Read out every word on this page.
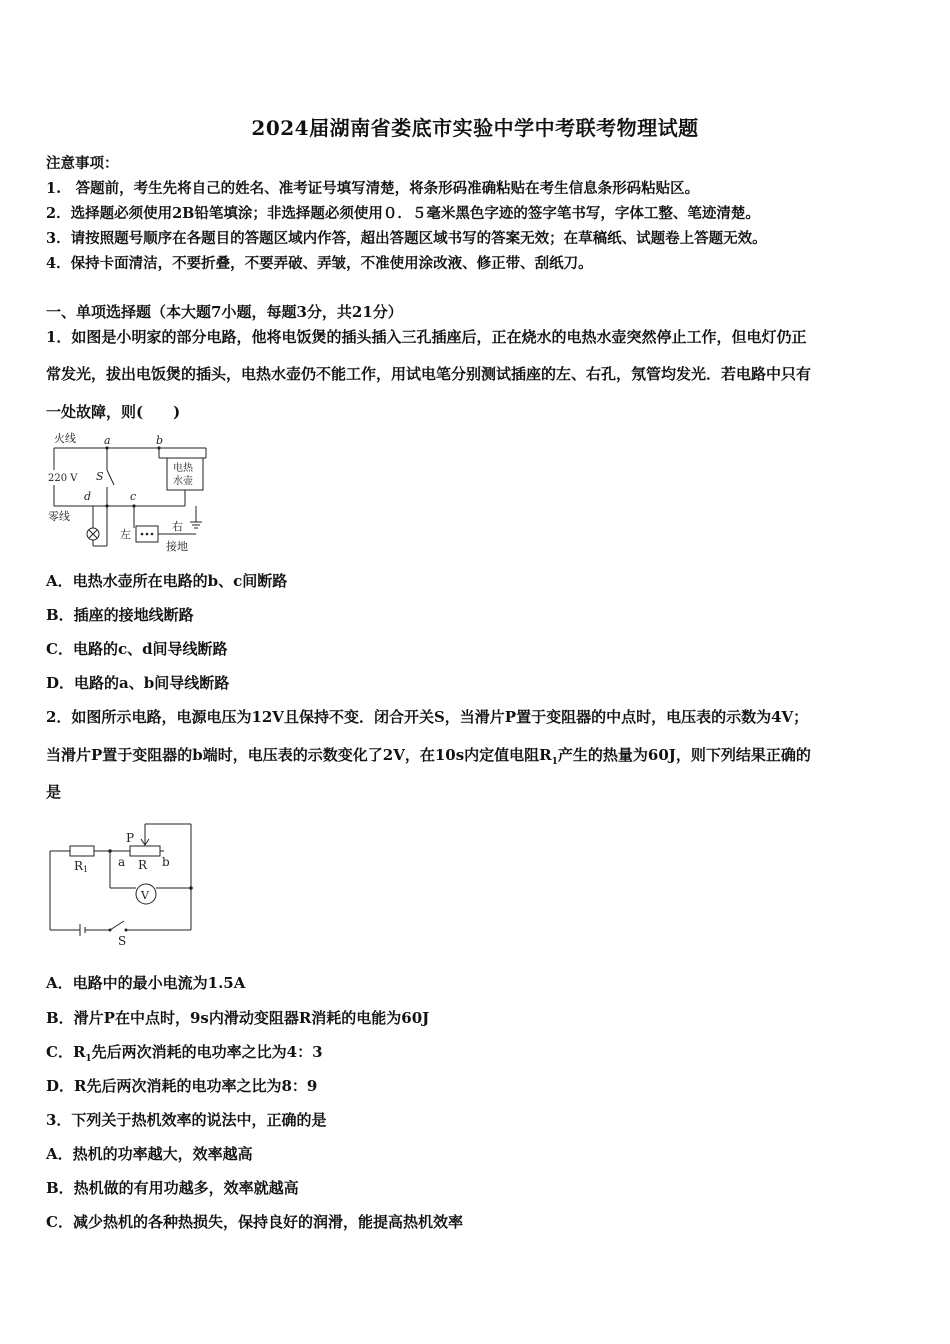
2024届湖南省娄底市实验中学中考联考物理试题
注意事项：
1.　答题前，考生先将自己的姓名、准考证号填写清楚，将条形码准确粘贴在考生信息条形码粘贴区。
2．选择题必须使用2B铅笔填涂；非选择题必须使用０．５毫米黑色字迹的签字笔书写，字体工整、笔迹清楚。
3．请按照题号顺序在各题目的答题区域内作答，超出答题区域书写的答案无效；在草稿纸、试题卷上答题无效。
4．保持卡面清洁，不要折叠，不要弄破、弄皱，不准使用涂改液、修正带、刮纸刀。
一、单项选择题（本大题7小题，每题3分，共21分）
1．如图是小明家的部分电路，他将电饭煲的插头插入三孔插座后，正在烧水的电热水壶突然停止工作，但电灯仍正
常发光，拔出电饭煲的插头，电热水壶仍不能工作，用试电笔分别测试插座的左、右孔，氖管均发光．若电路中只有
一处故障，则(　　)
火线
220 V
零线
a	b
c
d
S
电热
水壶
左
右
接地
A．电热水壶所在电路的b、c间断路
B．插座的接地线断路
C．电路的c、d间导线断路
D．电路的a、b间导线断路
2．如图所示电路，电源电压为12V且保持不变．闭合开关S，当滑片P置于变阻器的中点时，电压表的示数为4V；
当滑片P置于变阻器的b端时，电压表的示数变化了2V，在10s内定值电阻$R_1$产生的热量为60J，则下列结果正确的
是
P
R1	R
a	b
V
S
A．电路中的最小电流为1.5A
B．滑片P在中点时，9s内滑动变阻器R消耗的电能为60J
C．$R_1$先后两次消耗的电功率之比为4：3
D．R先后两次消耗的电功率之比为8：9
3．下列关于热机效率的说法中，正确的是
A．热机的功率越大，效率越高
B．热机做的有用功越多，效率就越高
C．减少热机的各种热损失，保持良好的润滑，能提高热机效率
